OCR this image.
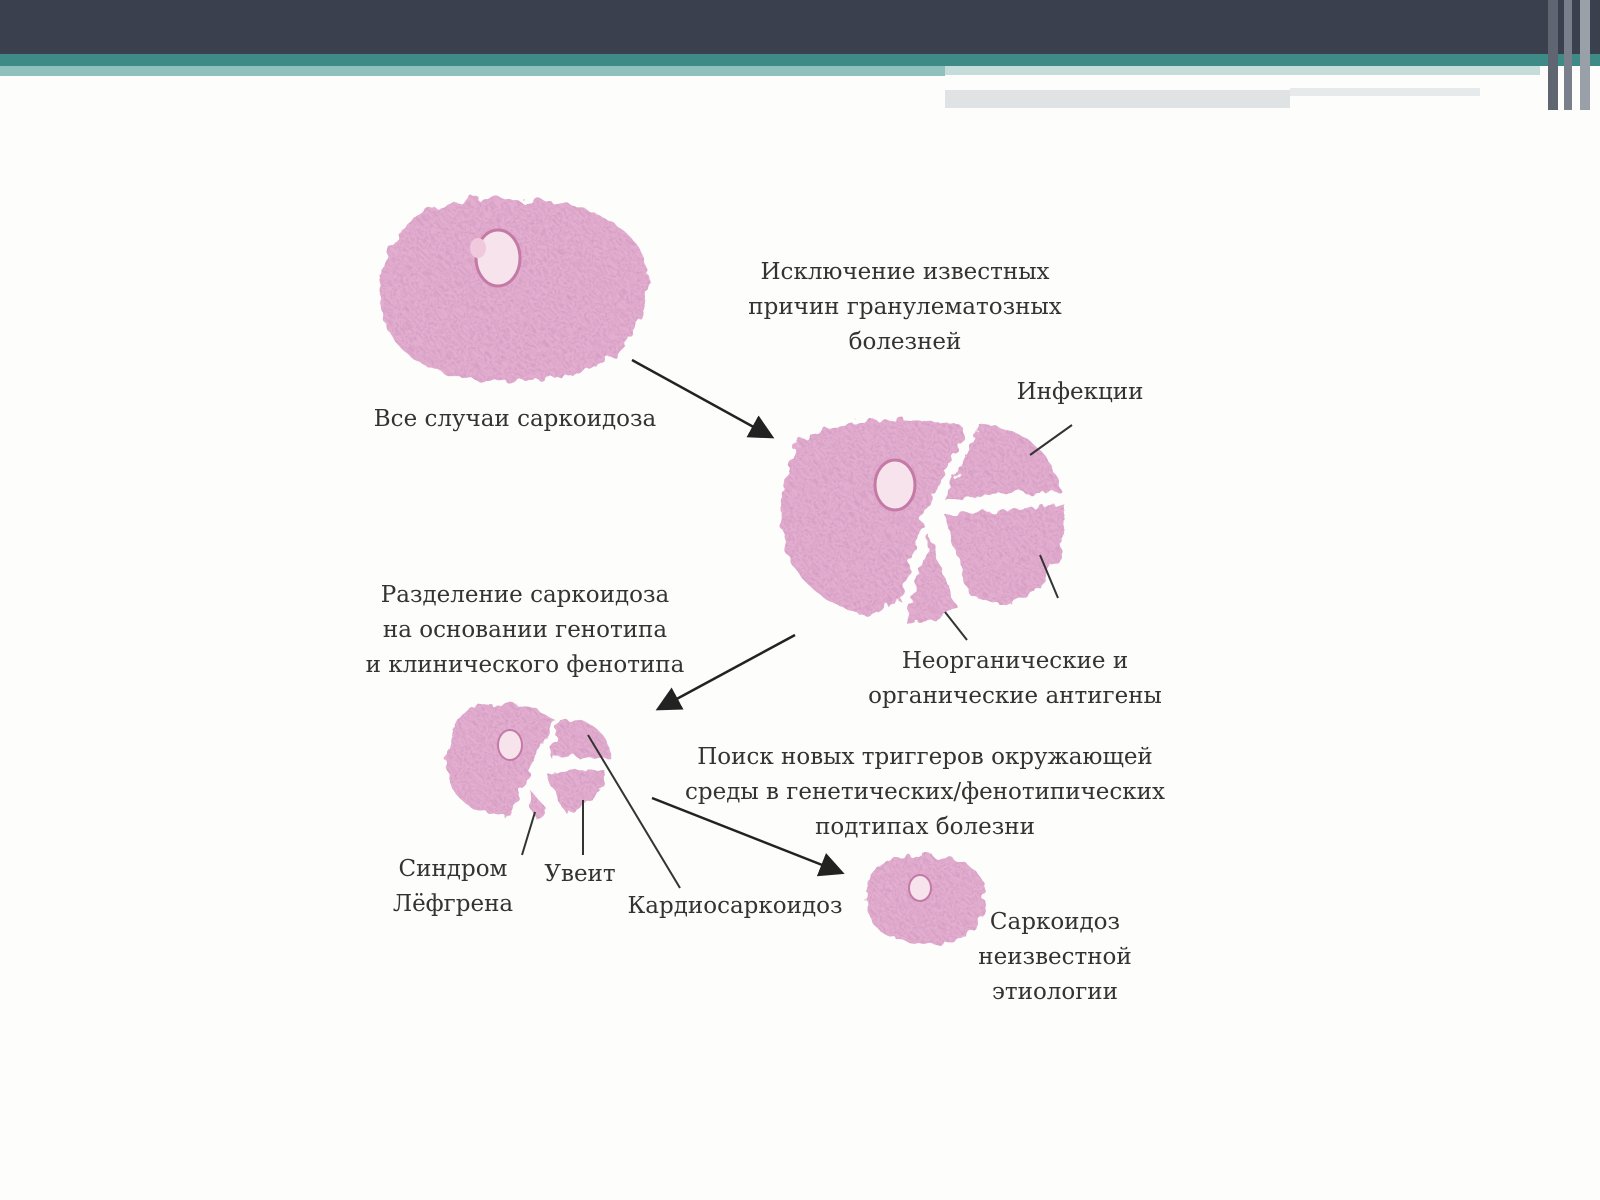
Все случаи саркоидоза
Исключение известных
причин гранулематозных
болезней
Инфекции
Неорганические и
органические антигены
Разделение саркоидоза
на основании генотипа
и клинического фенотипа
Поиск новых триггеров окружающей
среды в генетических/фенотипических
подтипах болезни
Синдром
Лёфгрена
Увеит
Кардиосаркоидоз
Саркоидоз
неизвестной
этиологии
